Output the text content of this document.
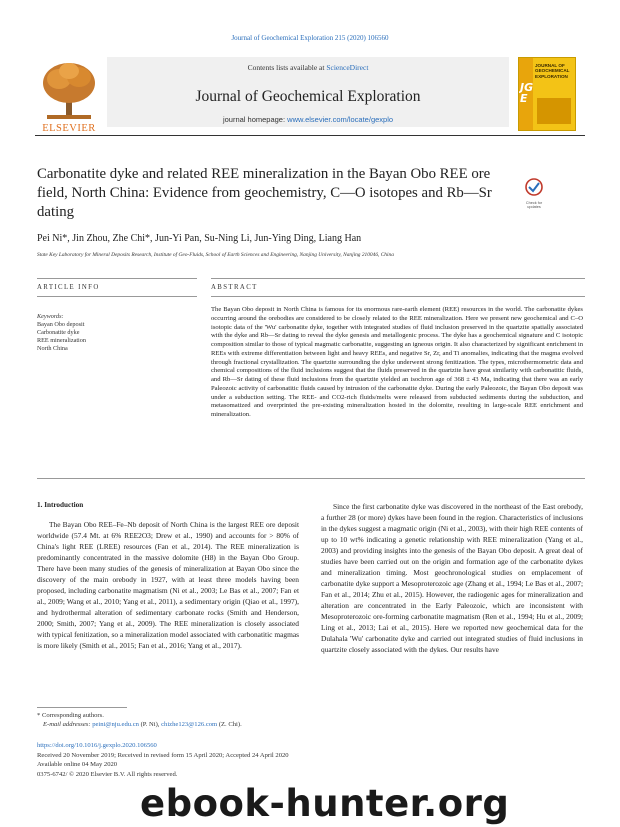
Journal of Geochemical Exploration 215 (2020) 106560
ELSEVIER
Contents lists available at ScienceDirect
Journal of Geochemical Exploration
journal homepage: www.elsevier.com/locate/gexplo
JOURNAL OF
GEOCHEMICAL
EXPLORATION
JGE
Carbonatite dyke and related REE mineralization in the Bayan Obo REE ore field, North China: Evidence from geochemistry, C—O isotopes and Rb—Sr dating
Check for
updates
Pei Ni*, Jin Zhou, Zhe Chi*, Jun-Yi Pan, Su-Ning Li, Jun-Ying Ding, Liang Han
State Key Laboratory for Mineral Deposits Research, Institute of Geo-Fluids, School of Earth Sciences and Engineering, Nanjing University, Nanjing 210046, China
ARTICLE INFO	ABSTRACT
Keywords:
Bayan Obo deposit
Carbonatite dyke
REE mineralization
North China
The Bayan Obo deposit in North China is famous for its enormous rare-earth element (REE) resources in the world. The carbonatite dykes occurring around the orebodies are considered to be closely related to the REE mineralization. Here we present new geochemical and C–O isotopic data of the 'Wu' carbonatite dyke, together with integrated studies of fluid inclusion preserved in the quartzite spatially associated with the dyke and Rb—Sr dating to reveal the dyke genesis and metallogenic process. The dyke has a geochemical signature and C isotopic composition similar to those of typical magmatic carbonatite, suggesting an igneous origin. It also characterized by significant enrichment in REEs with extreme differentiation between light and heavy REEs, and negative Sr, Zr, and Ti anomalies, indicating that the magma evolved through fractional crystallization. The quartzite surrounding the dyke underwent strong fenitization. The types, microthermometric data and chemical compositions of the fluid inclusions suggest that the fluids preserved in the quartzite have great similarity with carbonatitic fluids, and Rb—Sr dating of these fluid inclusions from the quartzite yielded an isochron age of 368 ± 43 Ma, indicating that there was an early Paleozoic activity of carbonatitic fluids caused by intrusion of the carbonatite dyke. During the early Paleozoic, the Bayan Obo deposit was under a subduction setting. The REE- and CO2-rich fluids/melts were released from subducted sediments during the subduction, and metasomatized and overprinted the pre-existing mineralization hosted in the dolomite, resulting in large-scale REE enrichment and mineralization.
1. Introduction
The Bayan Obo REE–Fe–Nb deposit of North China is the largest REE ore deposit worldwide (57.4 Mt. at 6% REE2O3; Drew et al., 1990) and accounts for > 80% of China's light REE (LREE) resources (Fan et al., 2014). The REE mineralization is predominantly concentrated in the massive dolomite (H8) in the Bayan Obo Group. There have been many studies of the genesis of mineralization at Bayan Obo since the discovery of the main orebody in 1927, with at least three models having been proposed, including carbonatite magmatism (Ni et al., 2003; Le Bas et al., 2007; Fan et al., 2009; Wang et al., 2010; Yang et al., 2011), a sedimentary origin (Qiao et al., 1997), and hydrothermal alteration of sedimentary carbonate rocks (Smith and Henderson, 2000; Smith, 2007; Yang et al., 2009). The REE mineralization is closely associated with typical fenitization, so a mineralization model associated with carbonatitic magmas is more likely (Smith et al., 2015; Fan et al., 2016; Yang et al., 2017).
Since the first carbonatite dyke was discovered in the northeast of the East orebody, a further 28 (or more) dykes have been found in the region. Characteristics of inclusions in the dykes suggest a magmatic origin (Ni et al., 2003), with their high REE contents of up to 10 wt% indicating a genetic relationship with REE mineralization (Yang et al., 2003) and providing insights into the genesis of the Bayan Obo deposit. A great deal of studies have been carried out on the origin and formation age of the carbonatite dykes and mineralization timing. Most geochronological studies on emplacement of carbonatite dyke support a Mesoproterozoic age (Zhang et al., 1994; Le Bas et al., 2007; Fan et al., 2014; Zhu et al., 2015). However, the radiogenic ages for mineralization and alteration are concentrated in the Early Paleozoic, which are inconsistent with Mesoproterozoic ore-forming carbonatite magmatism (Ren et al., 1994; Hu et al., 2009; Ling et al., 2013; Lai et al., 2015). Here we reported new geochemical data for the Dulahala 'Wu' carbonatite dyke and carried out integrated studies of fluid inclusions in quartzite closely associated with the dykes. Our results have
* Corresponding authors.
E-mail addresses: peini@nju.edu.cn (P. Ni), chizhe123@126.com (Z. Chi).
https://doi.org/10.1016/j.gexplo.2020.106560
Received 20 November 2019; Received in revised form 15 April 2020; Accepted 24 April 2020
Available online 04 May 2020
0375-6742/ © 2020 Elsevier B.V. All rights reserved.
ebook-hunter.org
